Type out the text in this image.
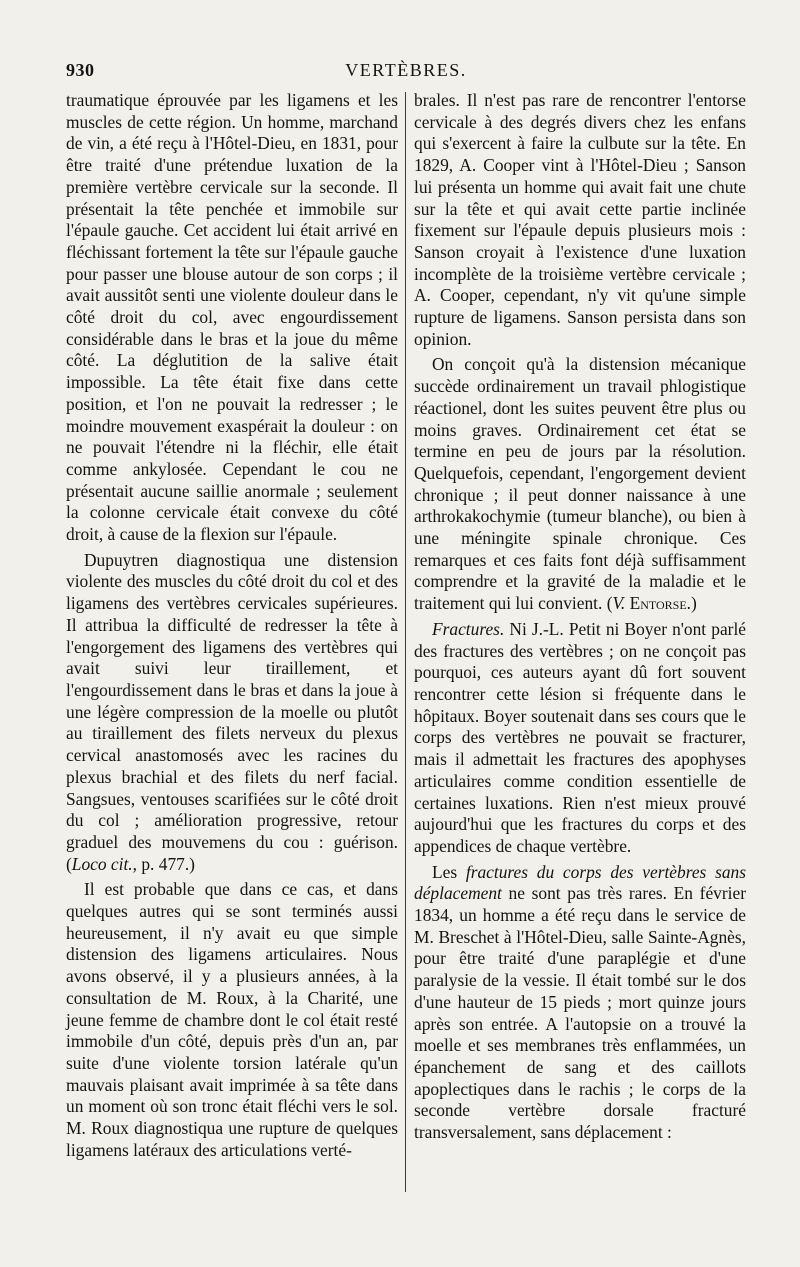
930	VERTÈBRES.

traumatique éprouvée par les ligamens et les muscles de cette région. Un homme, marchand de vin, a été reçu à l'Hôtel-Dieu, en 1831, pour être traité d'une prétendue luxation de la première vertèbre cervicale sur la seconde. Il présentait la tête penchée et immobile sur l'épaule gauche. Cet accident lui était arrivé en fléchissant fortement la tête sur l'épaule gauche pour passer une blouse autour de son corps ; il avait aussitôt senti une violente douleur dans le côté droit du col, avec engourdissement considérable dans le bras et la joue du même côté. La déglutition de la salive était impossible. La tête était fixe dans cette position, et l'on ne pouvait la redresser ; le moindre mouvement exaspérait la douleur : on ne pouvait l'étendre ni la fléchir, elle était comme ankylosée. Cependant le cou ne présentait aucune saillie anormale ; seulement la colonne cervicale était convexe du côté droit, à cause de la flexion sur l'épaule.

Dupuytren diagnostiqua une distension violente des muscles du côté droit du col et des ligamens des vertèbres cervicales supérieures. Il attribua la difficulté de redresser la tête à l'engorgement des ligamens des vertèbres qui avait suivi leur tiraillement, et l'engourdissement dans le bras et dans la joue à une légère compression de la moelle ou plutôt au tiraillement des filets nerveux du plexus cervical anastomosés avec les racines du plexus brachial et des filets du nerf facial. Sangsues, ventouses scarifiées sur le côté droit du col ; amélioration progressive, retour graduel des mouvemens du cou : guérison. (Loco cit., p. 477.)

Il est probable que dans ce cas, et dans quelques autres qui se sont terminés aussi heureusement, il n'y avait eu que simple distension des ligamens articulaires. Nous avons observé, il y a plusieurs années, à la consultation de M. Roux, à la Charité, une jeune femme de chambre dont le col était resté immobile d'un côté, depuis près d'un an, par suite d'une violente torsion latérale qu'un mauvais plaisant avait imprimée à sa tête dans un moment où son tronc était fléchi vers le sol. M. Roux diagnostiqua une rupture de quelques ligamens latéraux des articulations verté-

brales. Il n'est pas rare de rencontrer l'entorse cervicale à des degrés divers chez les enfans qui s'exercent à faire la culbute sur la tête. En 1829, A. Cooper vint à l'Hôtel-Dieu ; Sanson lui présenta un homme qui avait fait une chute sur la tête et qui avait cette partie inclinée fixement sur l'épaule depuis plusieurs mois : Sanson croyait à l'existence d'une luxation incomplète de la troisième vertèbre cervicale ; A. Cooper, cependant, n'y vit qu'une simple rupture de ligamens. Sanson persista dans son opinion.

On conçoit qu'à la distension mécanique succède ordinairement un travail phlogistique réactionel, dont les suites peuvent être plus ou moins graves. Ordinairement cet état se termine en peu de jours par la résolution. Quelquefois, cependant, l'engorgement devient chronique ; il peut donner naissance à une arthrokakochymie (tumeur blanche), ou bien à une méningite spinale chronique. Ces remarques et ces faits font déjà suffisamment comprendre et la gravité de la maladie et le traitement qui lui convient. (V. Entorse.)

Fractures. Ni J.-L. Petit ni Boyer n'ont parlé des fractures des vertèbres ; on ne conçoit pas pourquoi, ces auteurs ayant dû fort souvent rencontrer cette lésion si fréquente dans le hôpitaux. Boyer soutenait dans ses cours que le corps des vertèbres ne pouvait se fracturer, mais il admettait les fractures des apophyses articulaires comme condition essentielle de certaines luxations. Rien n'est mieux prouvé aujourd'hui que les fractures du corps et des appendices de chaque vertèbre.

Les fractures du corps des vertèbres sans déplacement ne sont pas très rares. En février 1834, un homme a été reçu dans le service de M. Breschet à l'Hôtel-Dieu, salle Sainte-Agnès, pour être traité d'une paraplégie et d'une paralysie de la vessie. Il était tombé sur le dos d'une hauteur de 15 pieds ; mort quinze jours après son entrée. A l'autopsie on a trouvé la moelle et ses membranes très enflammées, un épanchement de sang et des caillots apoplectiques dans le rachis ; le corps de la seconde vertèbre dorsale fracturé transversalement, sans déplacement :
